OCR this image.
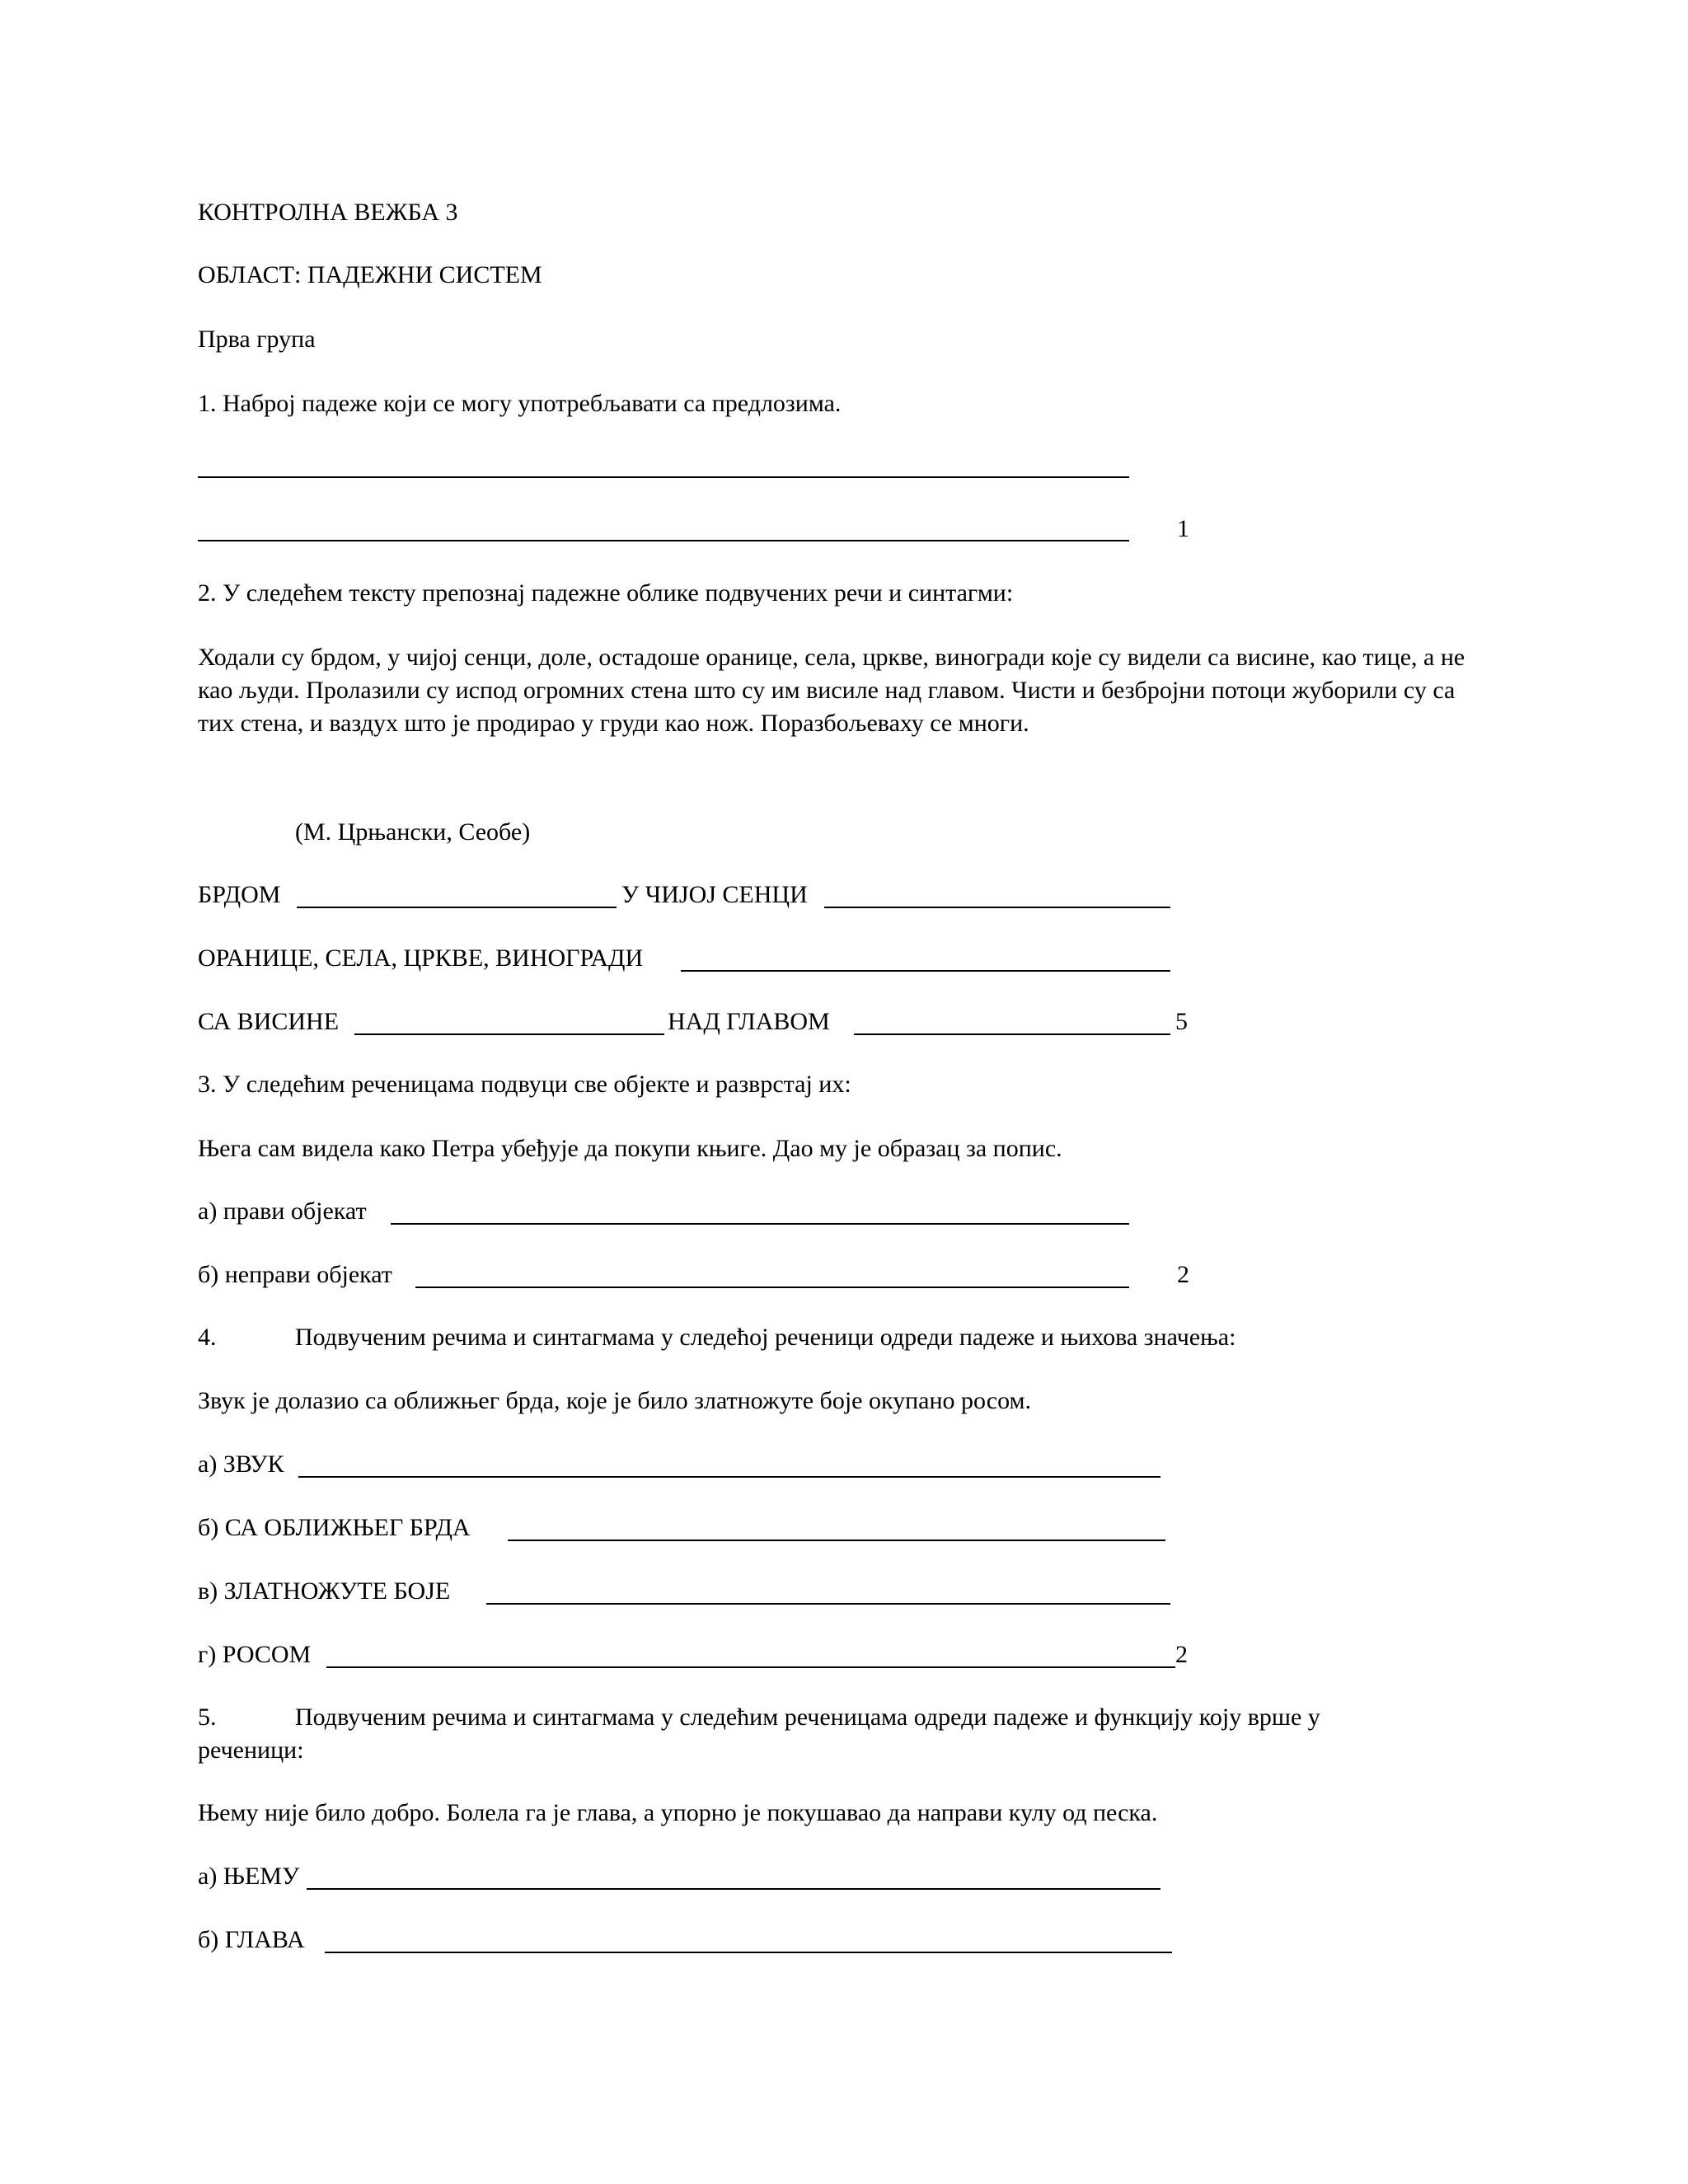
КОНТРОЛНА ВЕЖБА 3
ОБЛАСТ: ПАДЕЖНИ СИСТЕМ
Прва група
1. Наброј падеже који се могу употребљавати са предлозима.
1
2. У следећем тексту препознај падежне облике подвучених речи и синтагми:
Ходали су брдом, у чијој сенци, доле, остадоше оранице, села, цркве, виногради које су видели са висине, као тице, а не као људи. Пролазили су испод огромних стена што су им висиле над главом. Чисти и безбројни потоци жуборили су са тих стена, и ваздух што је продирао у груди као нож. Поразбољеваху се многи.
(М. Црњански, Сеобе)
БРДОМ	У ЧИЈОЈ СЕНЦИ
ОРАНИЦЕ, СЕЛА, ЦРКВЕ, ВИНОГРАДИ
СА ВИСИНЕ	НАД ГЛАВОМ	5
3. У следећим реченицама подвуци све објекте и разврстај их:
Њега сам видела како Петра убеђује да покупи књиге. Дао му је образац за попис.
а) прави објекат
б) неправи објекат	2
4.	Подвученим речима и синтагмама у следећој реченици одреди падеже и њихова значења:
Звук је долазио са оближњег брда, које је било златножуте боје окупано росом.
а) ЗВУК
б) СА ОБЛИЖЊЕГ БРДА
в) ЗЛАТНОЖУТЕ БОЈЕ
г) РОСОМ	2
5.	Подвученим речима и синтагмама у следећим реченицама одреди падеже и функцију коју врше у
реченици:
Њему није било добро. Болела га је глава, а упорно је покушавао да направи кулу од песка.
а) ЊЕМУ
б) ГЛАВА
